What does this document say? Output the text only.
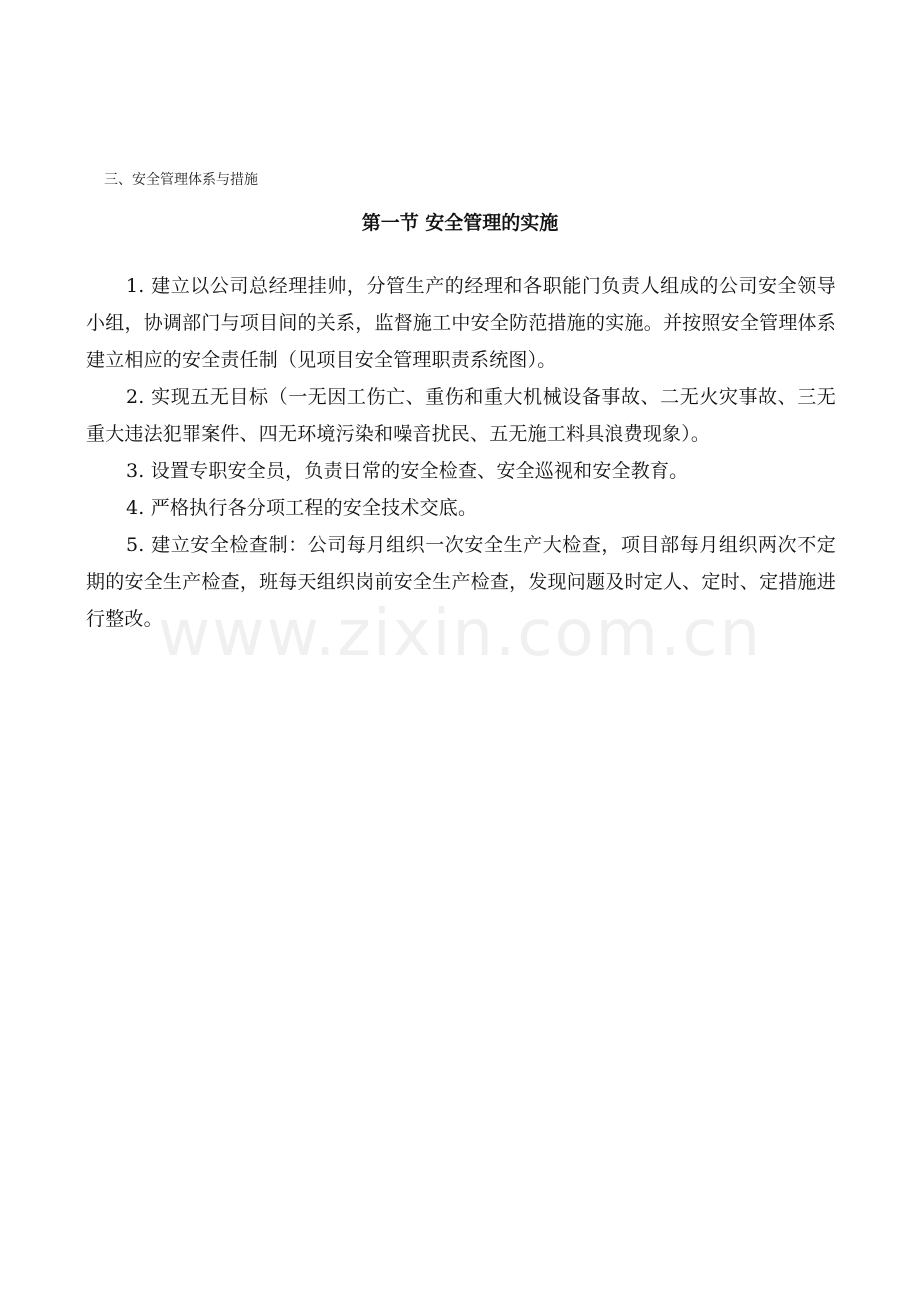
三、安全管理体系与措施
第一节 安全管理的实施

1. 建立以公司总经理挂帅，分管生产的经理和各职能门负责人组成的公司安全领导小组，协调部门与项目间的关系，监督施工中安全防范措施的实施。并按照安全管理体系建立相应的安全责任制（见项目安全管理职责系统图）。

2. 实现五无目标（一无因工伤亡、重伤和重大机械设备事故、二无火灾事故、三无重大违法犯罪案件、四无环境污染和噪音扰民、五无施工料具浪费现象）。

3. 设置专职安全员，负责日常的安全检查、安全巡视和安全教育。

4. 严格执行各分项工程的安全技术交底。

5. 建立安全检查制：公司每月组织一次安全生产大检查，项目部每月组织两次不定期的安全生产检查，班每天组织岗前安全生产检查，发现问题及时定人、定时、定措施进行整改。

www.zixin.com.cn
